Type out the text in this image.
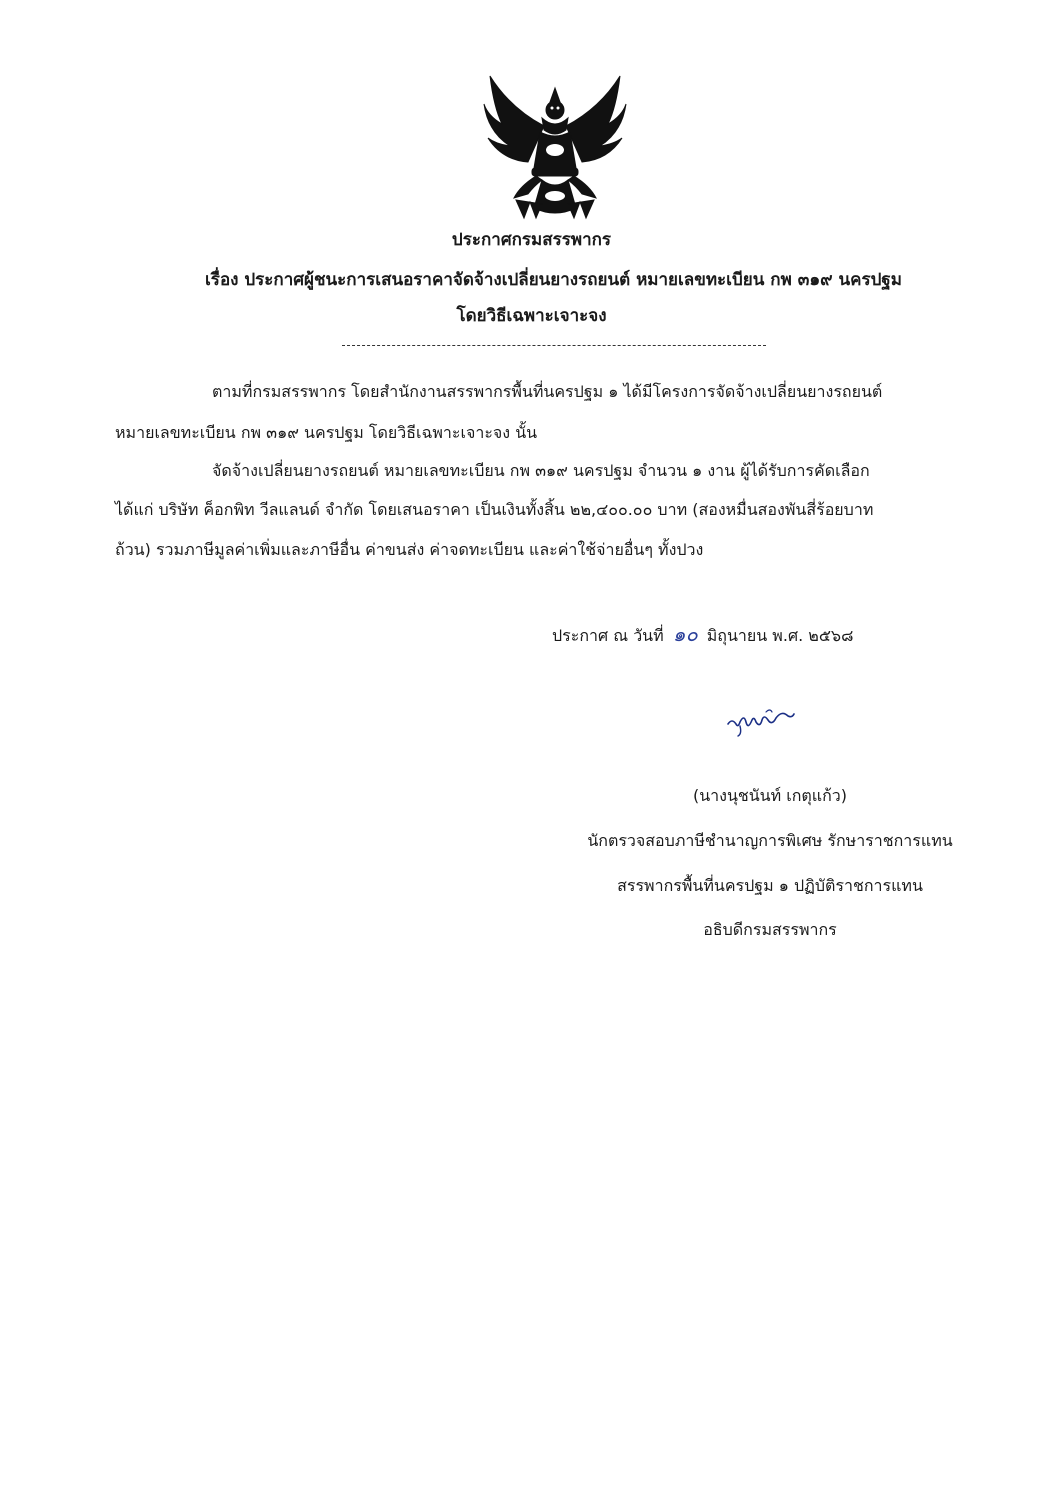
ประกาศกรมสรรพากร
เรื่อง ประกาศผู้ชนะการเสนอราคาจัดจ้างเปลี่ยนยางรถยนต์ หมายเลขทะเบียน กพ ๓๑๙ นครปฐม
โดยวิธีเฉพาะเจาะจง
ตามที่กรมสรรพากร โดยสำนักงานสรรพากรพื้นที่นครปฐม ๑ ได้มีโครงการจัดจ้างเปลี่ยนยางรถยนต์
หมายเลขทะเบียน กพ ๓๑๙ นครปฐม โดยวิธีเฉพาะเจาะจง นั้น
จัดจ้างเปลี่ยนยางรถยนต์ หมายเลขทะเบียน กพ ๓๑๙ นครปฐม จำนวน ๑ งาน ผู้ได้รับการคัดเลือก
ได้แก่ บริษัท ค็อกพิท วีลแลนด์ จำกัด โดยเสนอราคา เป็นเงินทั้งสิ้น ๒๒,๔๐๐.๐๐ บาท (สองหมื่นสองพันสี่ร้อยบาท
ถ้วน) รวมภาษีมูลค่าเพิ่มและภาษีอื่น ค่าขนส่ง ค่าจดทะเบียน และค่าใช้จ่ายอื่นๆ ทั้งปวง
ประกาศ ณ วันที่ ๑๐ มิถุนายน พ.ศ. ๒๕๖๘
(นางนุชนันท์ เกตุแก้ว)
นักตรวจสอบภาษีชำนาญการพิเศษ รักษาราชการแทน
สรรพากรพื้นที่นครปฐม ๑ ปฏิบัติราชการแทน
อธิบดีกรมสรรพากร
